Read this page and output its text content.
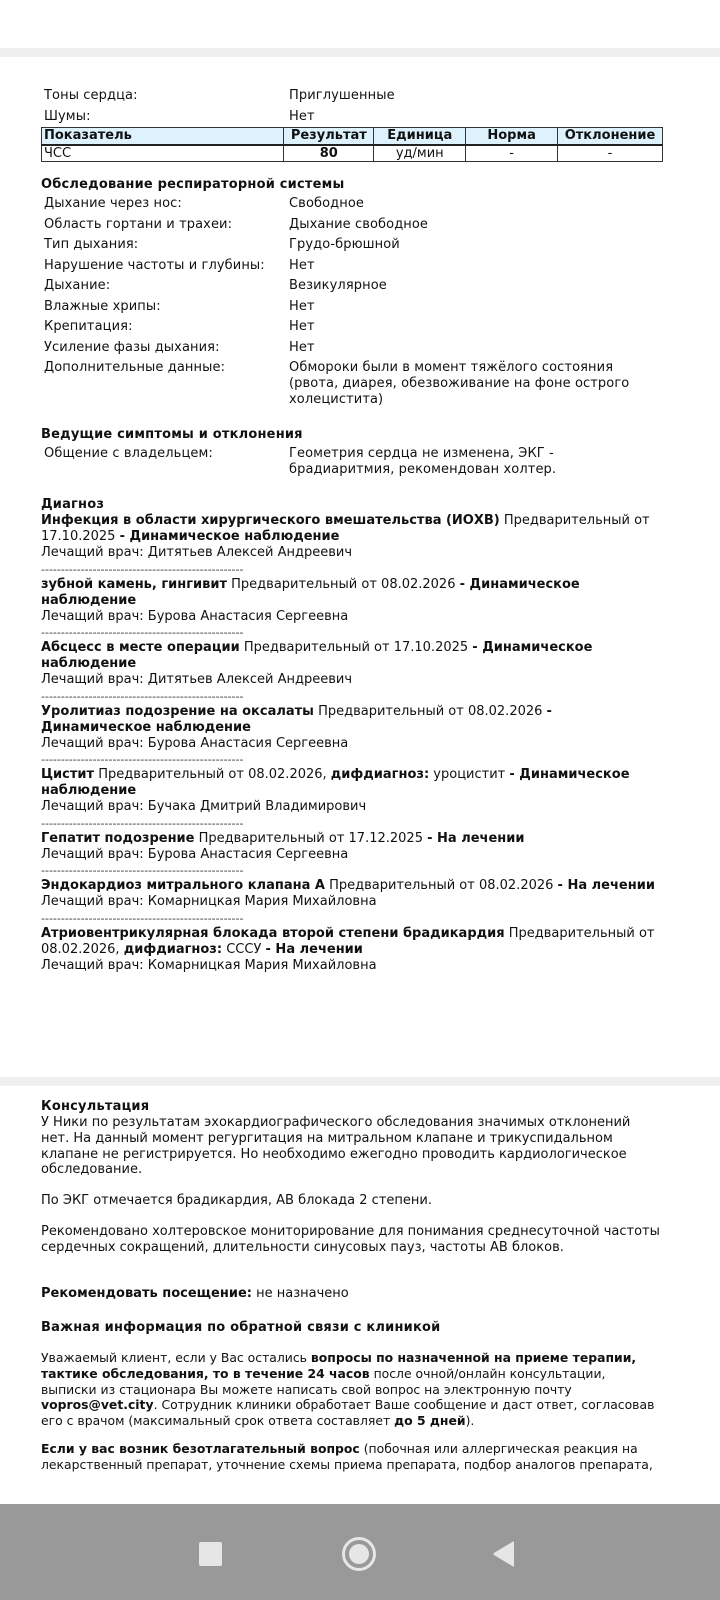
Тоны сердца:	Приглушенные
Шумы:	Нет
Показатель	Результат	Единица	Норма	Отклонение
ЧСС	80	уд/мин	-	-
Обследование респираторной системы
Дыхание через нос:	Свободное
Область гортани и трахеи:	Дыхание свободное
Тип дыхания:	Грудо-брюшной
Нарушение частоты и глубины:	Нет
Дыхание:	Везикулярное
Влажные хрипы:	Нет
Крепитация:	Нет
Усиление фазы дыхания:	Нет
Дополнительные данные:	Обмороки были в момент тяжёлого состояния (рвота, диарея, обезвоживание на фоне острого холецистита)
Ведущие симптомы и отклонения
Общение с владельцем:	Геометрия сердца не изменена, ЭКГ - брадиаритмия, рекомендован холтер.
Диагноз
Инфекция в области хирургического вмешательства (ИОХВ) Предварительный от 17.10.2025 - Динамическое наблюдение
Лечащий врач: Дитятьев Алексей Андреевич
---------------------------------------------------
зубной камень, гингивит Предварительный от 08.02.2026 - Динамическое наблюдение
Лечащий врач: Бурова Анастасия Сергеевна
---------------------------------------------------
Абсцесс в месте операции Предварительный от 17.10.2025 - Динамическое наблюдение
Лечащий врач: Дитятьев Алексей Андреевич
---------------------------------------------------
Уролитиаз подозрение на оксалаты Предварительный от 08.02.2026 - Динамическое наблюдение
Лечащий врач: Бурова Анастасия Сергеевна
---------------------------------------------------
Цистит Предварительный от 08.02.2026, дифдиагноз: уроцистит - Динамическое наблюдение
Лечащий врач: Бучака Дмитрий Владимирович
---------------------------------------------------
Гепатит подозрение Предварительный от 17.12.2025 - На лечении
Лечащий врач: Бурова Анастасия Сергеевна
---------------------------------------------------
Эндокардиоз митрального клапана А Предварительный от 08.02.2026 - На лечении
Лечащий врач: Комарницкая Мария Михайловна
---------------------------------------------------
Атриовентрикулярная блокада второй степени брадикардия Предварительный от 08.02.2026, дифдиагноз: СССУ - На лечении
Лечащий врач: Комарницкая Мария Михайловна
Консультация

У Ники по результатам эхокардиографического обследования значимых отклонений нет. На данный момент регургитация на митральном клапане и трикуспидальном клапане не регистрируется. Но необходимо ежегодно проводить кардиологическое обследование.

По ЭКГ отмечается брадикардия, АВ блокада 2 степени.

Рекомендовано холтеровское мониторирование для понимания среднесуточной частоты сердечных сокращений, длительности синусовых пауз, частоты АВ блоков.

Рекомендовать посещение: не назначено
Важная информация по обратной связи с клиникой

Уважаемый клиент, если у Вас остались вопросы по назначенной на приеме терапии, тактике обследования, то в течение 24 часов после очной/онлайн консультации, выписки из стационара Вы можете написать свой вопрос на электронную почту vopros@vet.city. Сотрудник клиники обработает Ваше сообщение и даст ответ, согласовав его с врачом (максимальный срок ответа составляет до 5 дней).

Если у вас возник безотлагательный вопрос (побочная или аллергическая реакция на лекарственный препарат, уточнение схемы приема препарата, подбор аналогов препарата,
